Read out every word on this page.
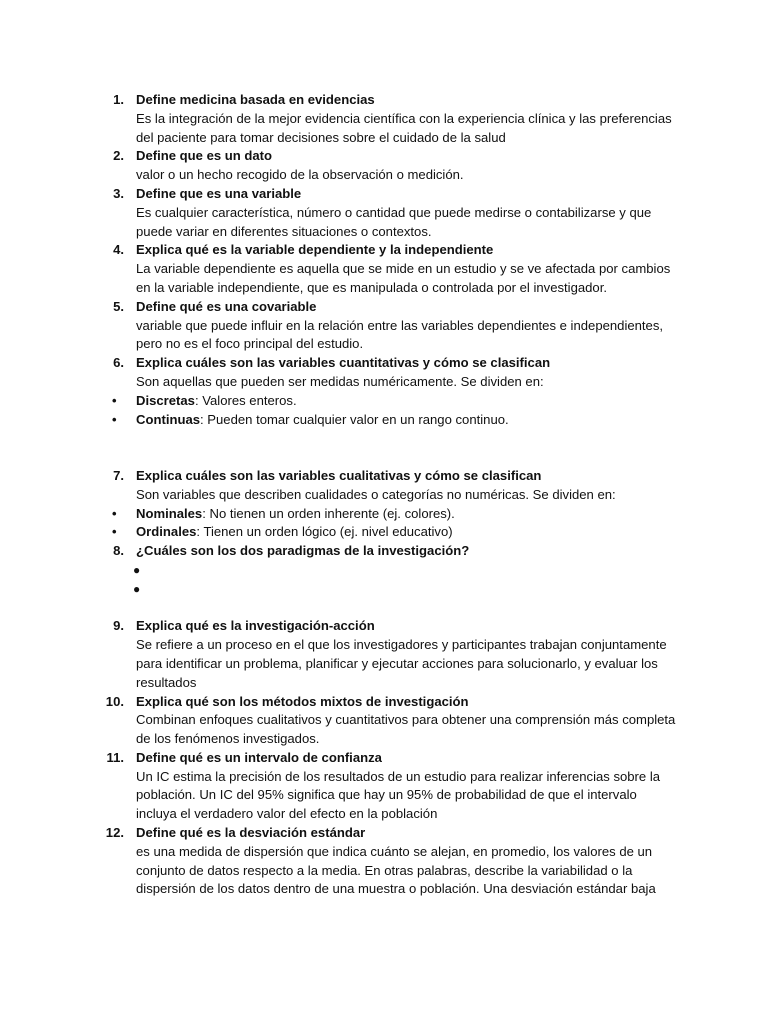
1. Define medicina basada en evidencias
Es la integración de la mejor evidencia científica con la experiencia clínica y las preferencias del paciente para tomar decisiones sobre el cuidado de la salud
2. Define que es un dato
valor o un hecho recogido de la observación o medición.
3. Define que es una variable
Es cualquier característica, número o cantidad que puede medirse o contabilizarse y que puede variar en diferentes situaciones o contextos.
4. Explica qué es la variable dependiente y la independiente
La variable dependiente es aquella que se mide en un estudio y se ve afectada por cambios en la variable independiente, que es manipulada o controlada por el investigador.
5. Define qué es una covariable
variable que puede influir en la relación entre las variables dependientes e independientes, pero no es el foco principal del estudio.
6. Explica cuáles son las variables cuantitativas y cómo se clasifican
Son aquellas que pueden ser medidas numéricamente. Se dividen en:
• Discretas: Valores enteros.
• Continuas: Pueden tomar cualquier valor en un rango continuo.
7. Explica cuáles son las variables cualitativas y cómo se clasifican
Son variables que describen cualidades o categorías no numéricas. Se dividen en:
• Nominales: No tienen un orden inherente (ej. colores).
• Ordinales: Tienen un orden lógico (ej. nivel educativo)
8. ¿Cuáles son los dos paradigmas de la investigación?
●
●
9. Explica qué es la investigación-acción
Se refiere a un proceso en el que los investigadores y participantes trabajan conjuntamente para identificar un problema, planificar y ejecutar acciones para solucionarlo, y evaluar los resultados
10. Explica qué son los métodos mixtos de investigación
Combinan enfoques cualitativos y cuantitativos para obtener una comprensión más completa de los fenómenos investigados.
11. Define qué es un intervalo de confianza
Un IC estima la precisión de los resultados de un estudio para realizar inferencias sobre la población. Un IC del 95% significa que hay un 95% de probabilidad de que el intervalo incluya el verdadero valor del efecto en la población
12. Define qué es la desviación estándar
es una medida de dispersión que indica cuánto se alejan, en promedio, los valores de un conjunto de datos respecto a la media. En otras palabras, describe la variabilidad o la dispersión de los datos dentro de una muestra o población. Una desviación estándar baja
